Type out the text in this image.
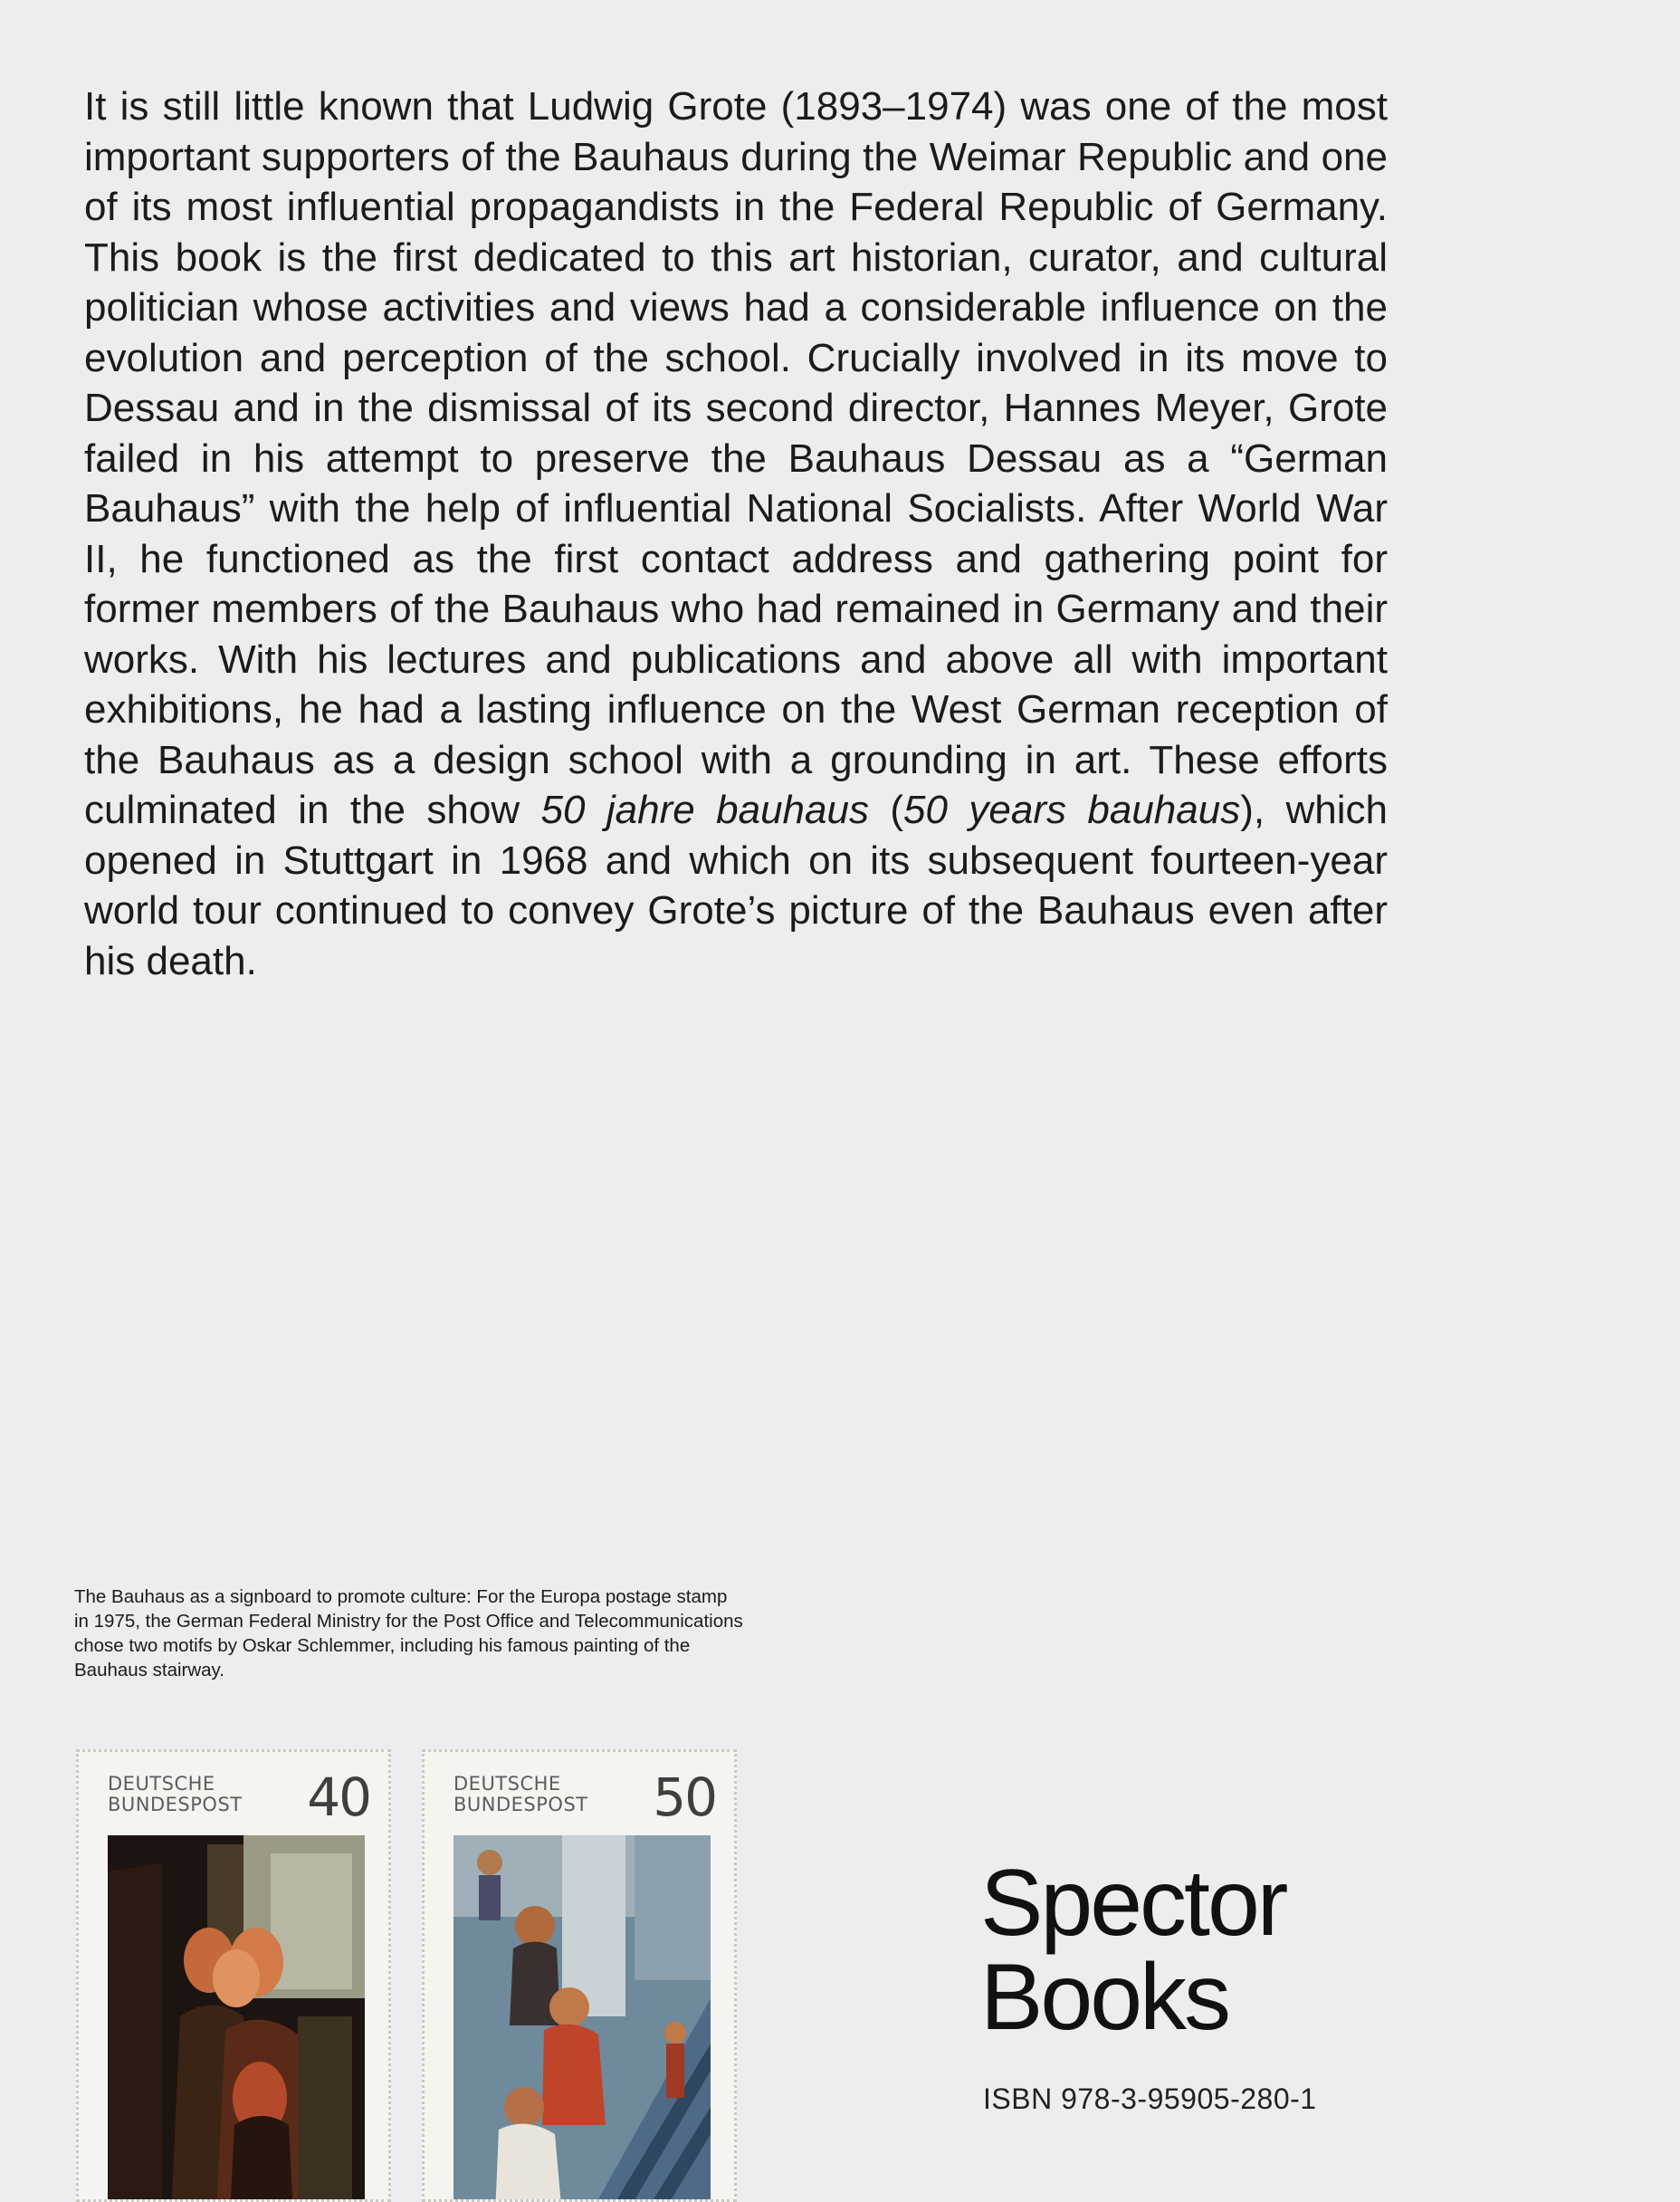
It is still little known that Ludwig Grote (1893–1974) was one of the most important supporters of the Bauhaus during the Weimar Republic and one of its most influential propagandists in the Federal Republic of Germany. This book is the first dedicated to this art historian, curator, and cultural politician whose activities and views had a considerable influence on the evolution and perception of the school. Crucially involved in its move to Dessau and in the dismissal of its second director, Hannes Meyer, Grote failed in his attempt to preserve the Bauhaus Dessau as a “German Bauhaus” with the help of influential National Socialists. After World War II, he functioned as the first contact address and gathering point for former members of the Bauhaus who had remained in Germany and their works. With his lectures and publications and above all with important exhibitions, he had a lasting influence on the West German reception of the Bauhaus as a design school with a grounding in art. These efforts culminated in the show 50 jahre bauhaus (50 years bauhaus), which opened in Stuttgart in 1968 and which on its subsequent fourteen-year world tour continued to convey Grote’s picture of the Bauhaus even after his death.

The Bauhaus as a signboard to promote culture: For the Europa postage stamp in 1975, the German Federal Ministry for the Post Office and Telecommunications chose two motifs by Oskar Schlemmer, including his famous painting of the Bauhaus stairway.

DEUTSCHE
BUNDESPOST	40	DEUTSCHE
BUNDESPOST	50
Spector
Books

ISBN 978-3-95905-280-1
